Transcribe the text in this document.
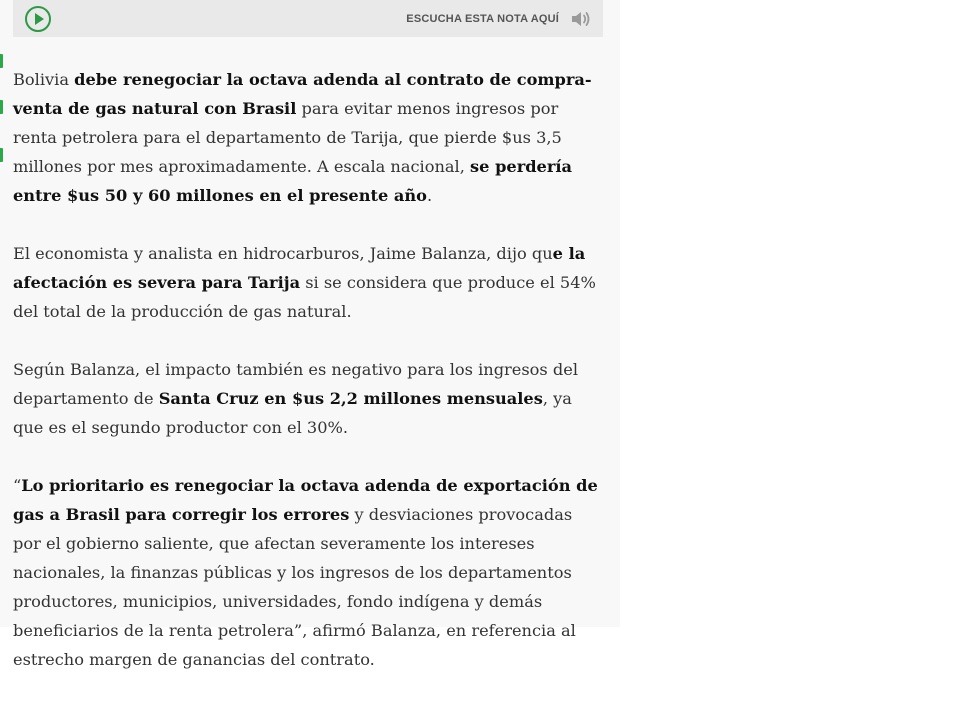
ESCUCHA ESTA NOTA AQUÍ

Bolivia debe renegociar la octava adenda al contrato de compra- venta de gas natural con Brasil para evitar menos ingresos por renta petrolera para el departamento de Tarija, que pierde $us 3,5 millones por mes aproximadamente. A escala nacional, se perdería entre $us 50 y 60 millones en el presente año.

El economista y analista en hidrocarburos, Jaime Balanza, dijo que la afectación es severa para Tarija si se considera que produce el 54% del total de la producción de gas natural.

Según Balanza, el impacto también es negativo para los ingresos del departamento de Santa Cruz en $us 2,2 millones mensuales, ya que es el segundo productor con el 30%.

“Lo prioritario es renegociar la octava adenda de exportación de gas a Brasil para corregir los errores y desviaciones provocadas por el gobierno saliente, que afectan severamente los intereses nacionales, la finanzas públicas y los ingresos de los departamentos productores, municipios, universidades, fondo indígena y demás beneficiarios de la renta petrolera”, afirmó Balanza, en referencia al estrecho margen de ganancias del contrato.
